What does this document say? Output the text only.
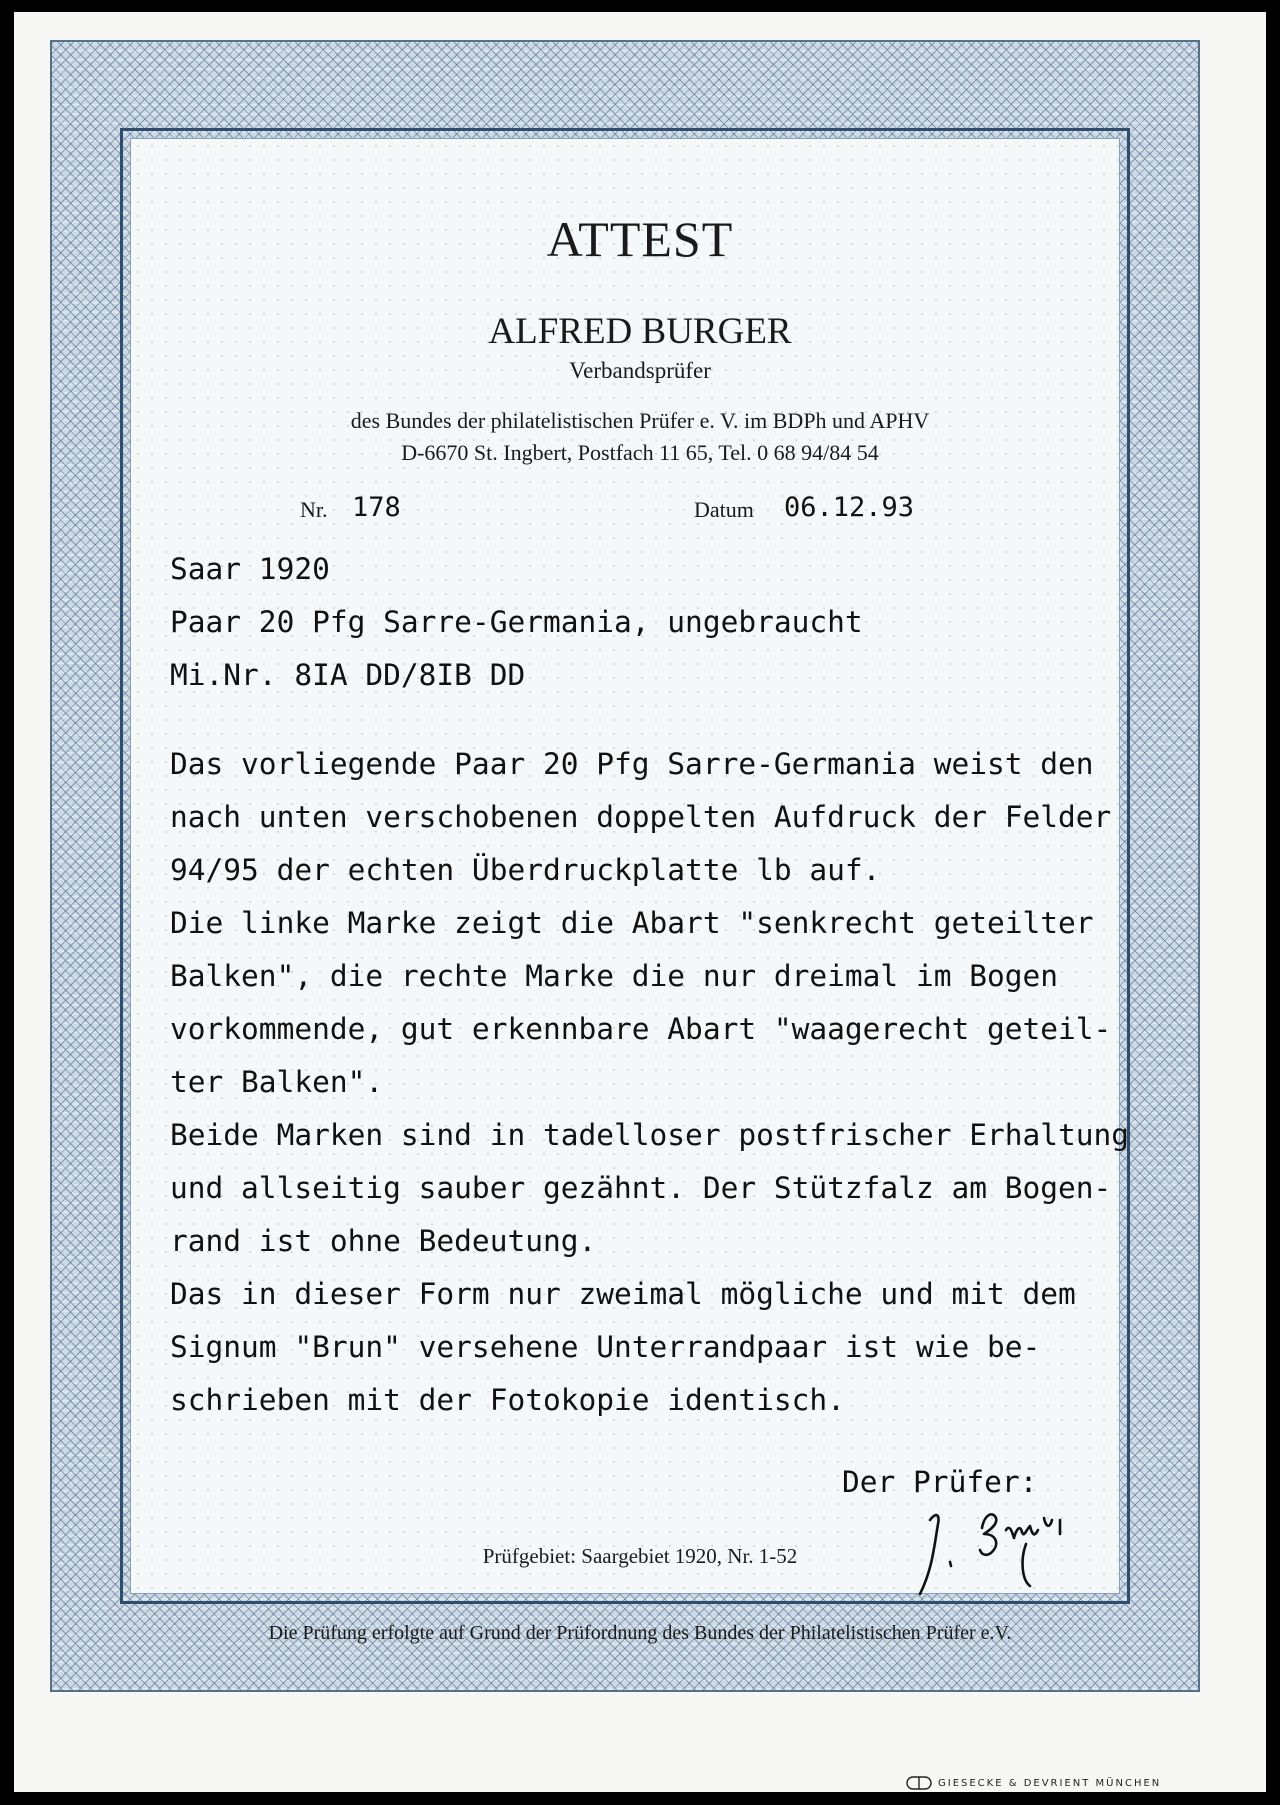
ATTEST
ALFRED BURGER
Verbandsprüfer
des Bundes der philatelistischen Prüfer e. V. im BDPh und APHV
D-6670 St. Ingbert, Postfach 11 65, Tel. 0 68 94/84 54
Nr. 178	Datum 06.12.93
Saar 1920
Paar 20 Pfg Sarre-Germania, ungebraucht
Mi.Nr. 8IA DD/8IB DD
Das vorliegende Paar 20 Pfg Sarre-Germania weist den
nach unten verschobenen doppelten Aufdruck der Felder
94/95 der echten Überdruckplatte lb auf.
Die linke Marke zeigt die Abart "senkrecht geteilter
Balken", die rechte Marke die nur dreimal im Bogen
vorkommende, gut erkennbare Abart "waagerecht geteil-
ter Balken".
Beide Marken sind in tadelloser postfrischer Erhaltung
und allseitig sauber gezähnt. Der Stützfalz am Bogen-
rand ist ohne Bedeutung.
Das in dieser Form nur zweimal mögliche und mit dem
Signum "Brun" versehene Unterrandpaar ist wie be-
schrieben mit der Fotokopie identisch.
Der Prüfer:
Prüfgebiet: Saargebiet 1920, Nr. 1-52
Die Prüfung erfolgte auf Grund der Prüfordnung des Bundes der Philatelistischen Prüfer e.V.
GIESECKE & DEVRIENT MÜNCHEN
